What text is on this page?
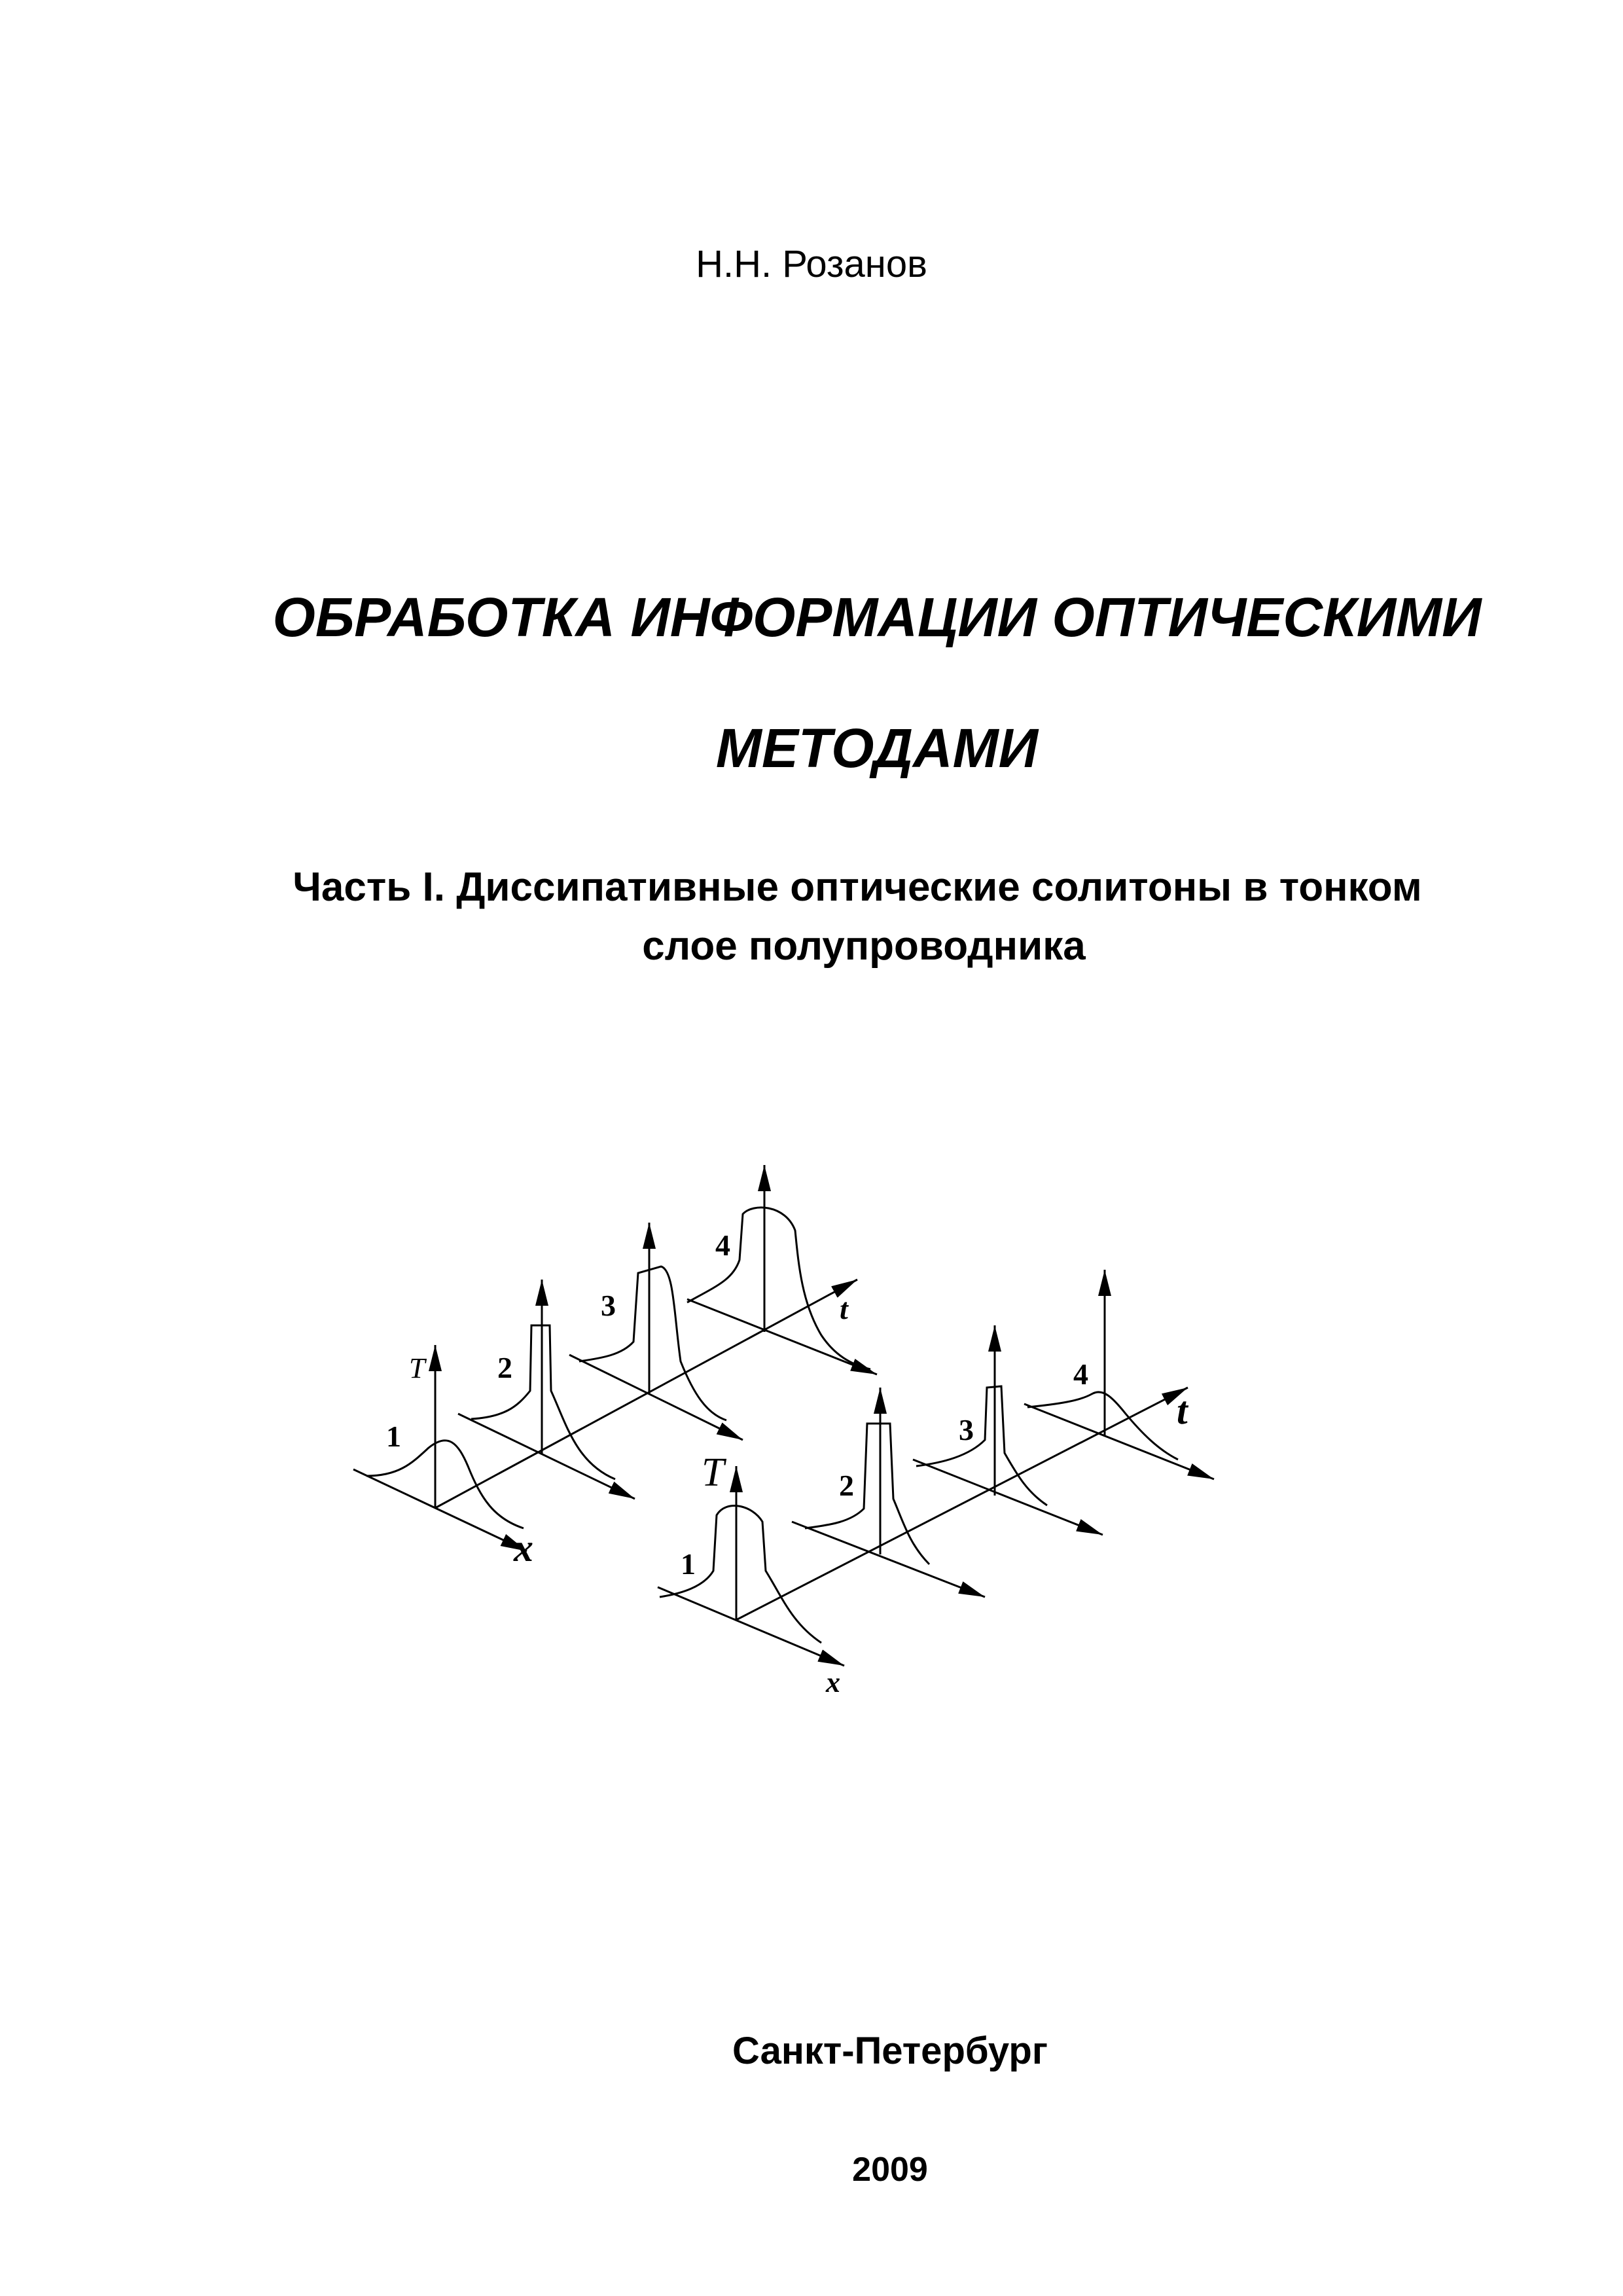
Н.Н. Розанов
ОБРАБОТКА ИНФОРМАЦИИ ОПТИЧЕСКИМИ
МЕТОДАМИ
Часть I. Диссипативные оптические солитоны в тонком
слое полупроводника
T
x
t
1
2
3
4
T
x
t
1
2
3
4
Санкт-Петербург
2009
